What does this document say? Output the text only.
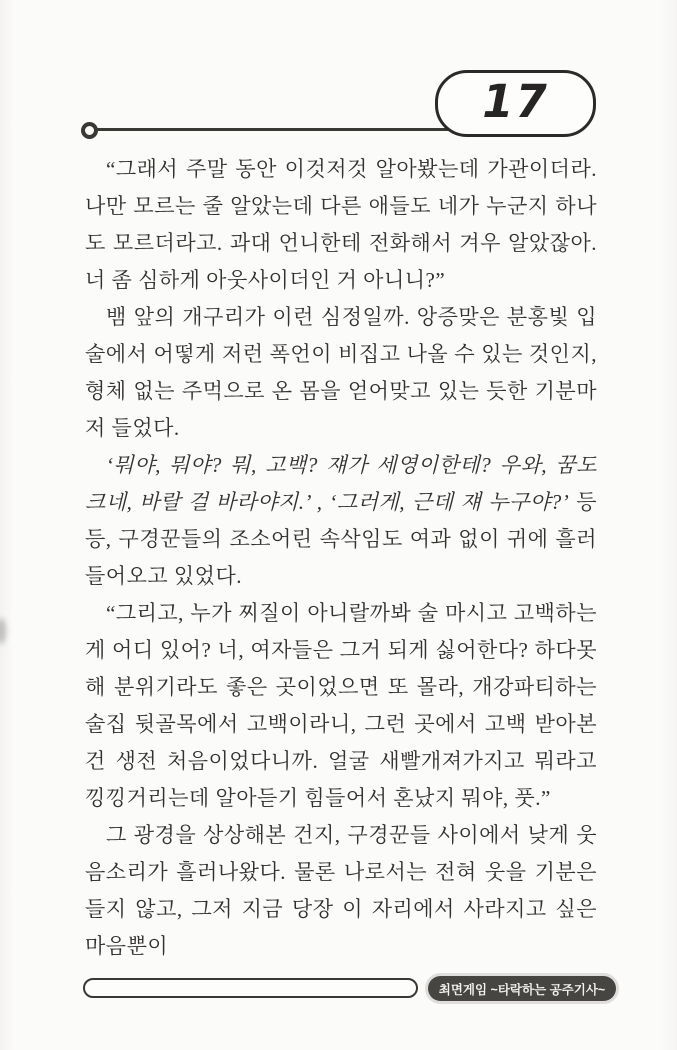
17

“그래서 주말 동안 이것저것 알아봤는데 가관이더라. 나만 모르는 줄 알았는데 다른 애들도 네가 누군지 하나도 모르더라고. 과대 언니한테 전화해서 겨우 알았잖아. 너 좀 심하게 아웃사이더인 거 아니니?”

뱀 앞의 개구리가 이런 심정일까. 앙증맞은 분홍빛 입술에서 어떻게 저런 폭언이 비집고 나올 수 있는 것인지, 형체 없는 주먹으로 온 몸을 얻어맞고 있는 듯한 기분마저 들었다.

‘뭐야, 뭐야? 뭐, 고백? 쟤가 세영이한테? 우와, 꿈도 크네, 바랄 걸 바라야지.’ , ‘그러게, 근데 쟤 누구야?’ 등등, 구경꾼들의 조소어린 속삭임도 여과 없이 귀에 흘러들어오고 있었다.

“그리고, 누가 찌질이 아니랄까봐 술 마시고 고백하는 게 어디 있어? 너, 여자들은 그거 되게 싫어한다? 하다못해 분위기라도 좋은 곳이었으면 또 몰라, 개강파티하는 술집 뒷골목에서 고백이라니, 그런 곳에서 고백 받아본 건 생전 처음이었다니까. 얼굴 새빨개져가지고 뭐라고 낑낑거리는데 알아듣기 힘들어서 혼났지 뭐야, 풋.”

그 광경을 상상해본 건지, 구경꾼들 사이에서 낮게 웃음소리가 흘러나왔다. 물론 나로서는 전혀 웃을 기분은 들지 않고, 그저 지금 당장 이 자리에서 사라지고 싶은 마음뿐이

최면게임 ~타락하는 공주기사~
